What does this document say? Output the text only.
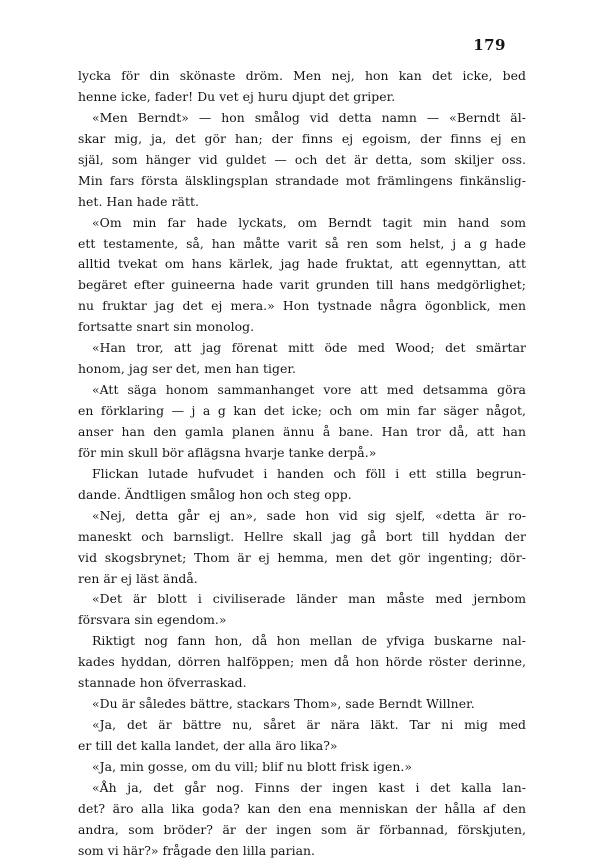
179
lycka för din skönaste dröm. Men nej, hon kan det icke, bed
henne icke, fader! Du vet ej huru djupt det griper.
«Men Berndt» — hon smålog vid detta namn — «Berndt äl-
skar mig, ja, det gör han; der finns ej egoism, der finns ej en
själ, som hänger vid guldet — och det är detta, som skiljer oss.
Min fars första älsklingsplan strandade mot främlingens finkänslig-
het. Han hade rätt.
«Om min far hade lyckats, om Berndt tagit min hand som
ett testamente, så, han måtte varit så ren som helst, j a g hade
alltid tvekat om hans kärlek, jag hade fruktat, att egennyttan, att
begäret efter guineerna hade varit grunden till hans medgörlighet;
nu fruktar jag det ej mera.» Hon tystnade några ögonblick, men
fortsatte snart sin monolog.
«Han tror, att jag förenat mitt öde med Wood; det smärtar
honom, jag ser det, men han tiger.
«Att säga honom sammanhanget vore att med detsamma göra
en förklaring — j a g kan det icke; och om min far säger något,
anser han den gamla planen ännu å bane. Han tror då, att han
för min skull bör aflägsna hvarje tanke derpå.»
Flickan lutade hufvudet i handen och föll i ett stilla begrun-
dande. Ändtligen smålog hon och steg opp.
«Nej, detta går ej an», sade hon vid sig sjelf, «detta är ro-
maneskt och barnsligt. Hellre skall jag gå bort till hyddan der
vid skogsbrynet; Thom är ej hemma, men det gör ingenting; dör-
ren är ej läst ändå.
«Det är blott i civiliserade länder man måste med jernbom
försvara sin egendom.»
Riktigt nog fann hon, då hon mellan de yfviga buskarne nal-
kades hyddan, dörren halföppen; men då hon hörde röster derinne,
stannade hon öfverraskad.
«Du är således bättre, stackars Thom», sade Berndt Willner.
«Ja, det är bättre nu, såret är nära läkt. Tar ni mig med
er till det kalla landet, der alla äro lika?»
«Ja, min gosse, om du vill; blif nu blott frisk igen.»
«Åh ja, det går nog. Finns der ingen kast i det kalla lan-
det? äro alla lika goda? kan den ena menniskan der hålla af den
andra, som bröder? är der ingen som är förbannad, förskjuten,
som vi här?» frågade den lilla parian.
